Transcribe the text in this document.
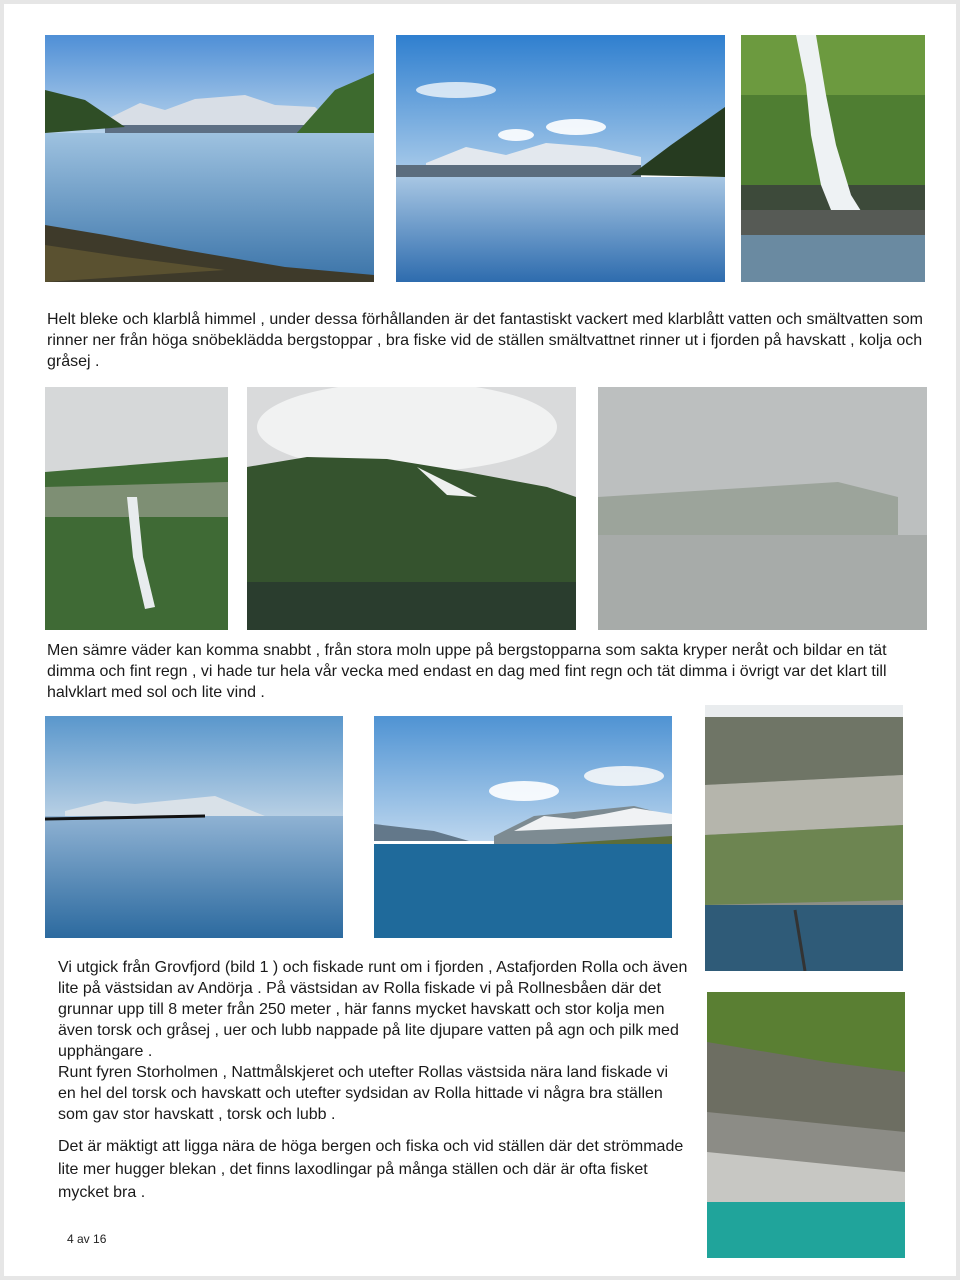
Helt bleke och klarblå himmel , under dessa förhållanden är det fantastiskt vackert med klarblått vatten och smältvatten som rinner ner från höga snöbeklädda bergstoppar , bra fiske vid de ställen smältvattnet rinner ut i fjorden på havskatt , kolja och gråsej .

Men sämre väder kan komma snabbt , från stora moln uppe på bergstopparna som sakta kryper neråt och bildar en tät dimma och fint regn , vi hade tur hela vår vecka med endast en dag med fint regn och tät dimma i övrigt var det klart till halvklart med sol och lite vind .

Vi utgick från Grovfjord (bild 1 ) och fiskade runt om i fjorden , Astafjorden Rolla och även lite på västsidan av Andörja . På västsidan av Rolla fiskade vi på Rollnesbåen där det grunnar upp till 8 meter från 250 meter , här fanns mycket havskatt och stor kolja men även torsk och gråsej , uer och lubb nappade på lite djupare vatten på agn och pilk med upphängare .

Runt fyren Storholmen , Nattmålskjeret och utefter Rollas västsida nära land fiskade vi en hel del torsk och havskatt och utefter sydsidan av Rolla hittade vi några bra ställen som gav stor havskatt , torsk och lubb .

Det är mäktigt att ligga nära de höga bergen och fiska och vid ställen där det strömmade lite mer hugger blekan , det finns laxodlingar på många ställen och där är ofta fisket mycket bra .

4 av 16
